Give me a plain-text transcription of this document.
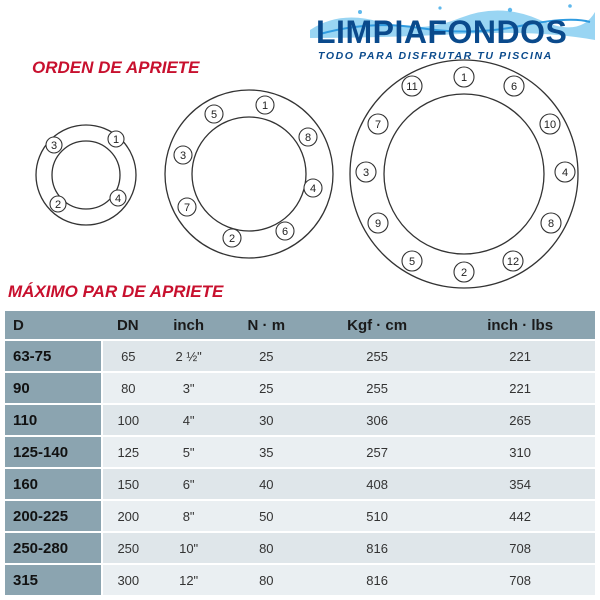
LIMPIAFONDOS
TODO PARA DISFRUTAR TU PISCINA
ORDEN DE APRIETE
1
4
2
3
1
8
4
6
2
7
3
5
1
6
10
4
8
12
2
5
9
3
7
11
MÁXIMO PAR DE APRIETE
D	DN	inch	N · m	Kgf · cm	inch · lbs
63-75	65	2 ½"	25	255	221
90	80	3"	25	255	221
110	100	4"	30	306	265
125-140	125	5"	35	257	310
160	150	6"	40	408	354
200-225	200	8"	50	510	442
250-280	250	10"	80	816	708
315	300	12"	80	816	708
